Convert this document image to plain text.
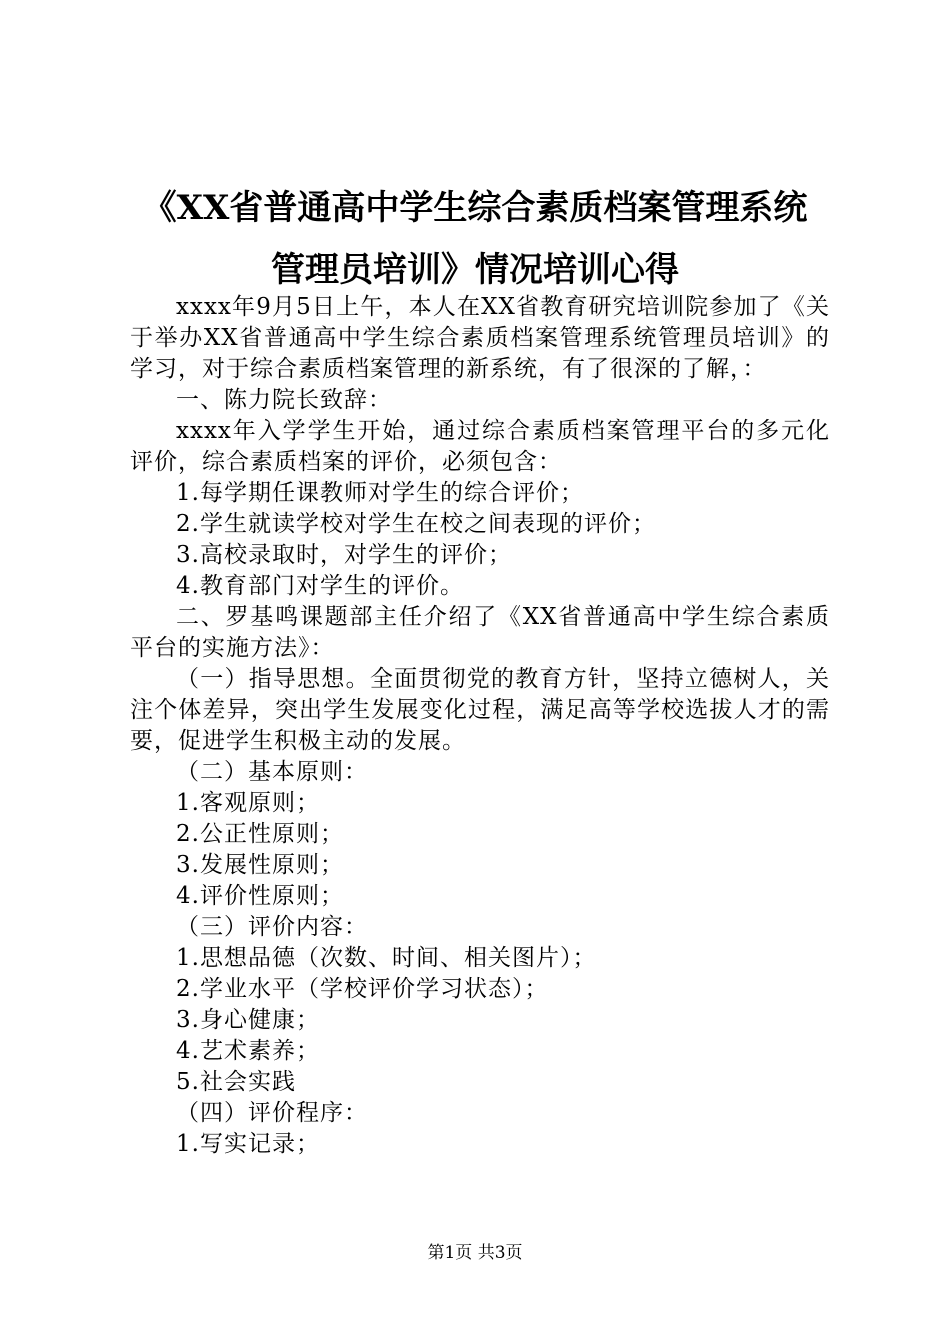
《XX省普通高中学生综合素质档案管理系统
管理员培训》情况培训心得

xxxx年9月5日上午，本人在XX省教育研究培训院参加了《关于举办XX省普通高中学生综合素质档案管理系统管理员培训》的学习，对于综合素质档案管理的新系统，有了很深的了解，：

一、陈力院长致辞：

xxxx年入学学生开始，通过综合素质档案管理平台的多元化评价，综合素质档案的评价，必须包含：

1.每学期任课教师对学生的综合评价；

2.学生就读学校对学生在校之间表现的评价；

3.高校录取时，对学生的评价；

4.教育部门对学生的评价。

二、罗基鸣课题部主任介绍了《XX省普通高中学生综合素质平台的实施方法》：

（一）指导思想。全面贯彻党的教育方针，坚持立德树人，关注个体差异，突出学生发展变化过程，满足高等学校选拔人才的需要，促进学生积极主动的发展。

（二）基本原则：

1.客观原则；

2.公正性原则；

3.发展性原则；

4.评价性原则；

（三）评价内容：

1.思想品德（次数、时间、相关图片）；

2.学业水平（学校评价学习状态）；

3.身心健康；

4.艺术素养；

5.社会实践

（四）评价程序：

1.写实记录；

第1页 共3页
